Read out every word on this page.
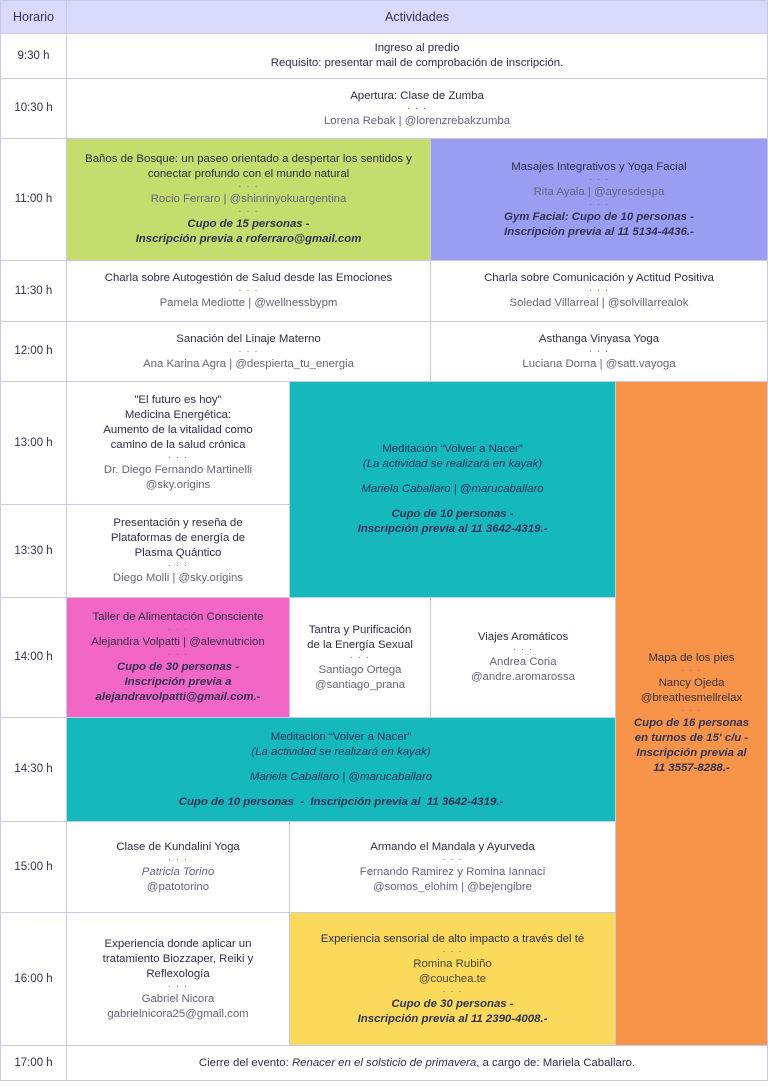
Horario	Actividades
9:30 h
10:30 h
11:00 h
11:30 h
12:00 h
13:00 h
13:30 h
14:00 h
14:30 h
15:00 h
16:00 h
17:00 h
Ingreso al predio
Requisito: presentar mail de comprobación de inscripción.
Apertura: Clase de Zumba
· · ·
Lorena Rebak | @lorenzrebakzumba
Baños de Bosque: un paseo orientado a despertar los sentidos y conectar profundo con el mundo natural
· · ·
Rocio Ferraro | @shinrinyokuargentina
· · ·
Cupo de 15 personas -
Inscripción previa a roferraro@gmail.com
Masajes Integrativos y Yoga Facial
· · ·
Rita Ayala | @ayresdespa
· · ·
Gym Facial: Cupo de 10 personas -
Inscripción previa al 11 5134-4436.-
Charla sobre Autogestión de Salud desde las Emociones
· · ·
Pamela Mediotte | @wellnessbypm
Charla sobre Comunicación y Actitud Positiva
· · ·
Soledad Villarreal | @solvillarrealok
Sanación del Linaje Materno
· · ·
Ana Karina Agra | @despierta_tu_energia
Asthanga Vinyasa Yoga
· · ·
Luciana Dorna | @satt.vayoga
"El futuro es hoy"
Medicina Energética:
Aumento de la vitalidad como
camino de la salud crónica
· · ·
Dr. Diego Fernando Martinelli
@sky.origins
Meditación “Volver a Nacer”
(La actividad se realizará en kayak)
· · ·
Mariela Caballaro | @marucaballaro
· · ·
Cupo de 10 personas -
Inscripción previa al 11 3642-4319.-
Mapa de los pies
· · ·
Nancy Ojeda
@breathesmellrelax
· · ·
Cupo de 16 personas
en turnos de 15' c/u -
Inscripción previa al
11 3557-8288.-
Presentación y reseña de
Plataformas de energía de
Plasma Quántico
· · ·
Diego Molli | @sky.origins
Taller de Alimentación Consciente
· · ·
Alejandra Volpatti | @alevnutricion
· · ·
Cupo de 30 personas -
Inscripción previa a
alejandravolpatti@gmail.com.-
Tantra y Purificación
de la Energía Sexual
· · ·
Santiago Ortega
@santiago_prana
Viajes Aromáticos
· · ·
Andrea Coria
@andre.aromarossa
Meditación “Volver a Nacer”
(La actividad se realizará en kayak)
· · ·
Mariela Caballaro | @marucaballaro
· · ·
Cupo de 10 personas  -  Inscripción previa al  11 3642-4319.-
Clase de Kundalini Yoga
· · ·
Patricia Torino
@patotorino
Armando el Mandala y Ayurveda
· · ·
Fernando Ramirez y Romina Iannaci
@somos_elohim | @bejengibre
Experiencia donde aplicar un
tratamiento Biozzaper, Reiki y
Reflexología
· · ·
Gabriel Nicora
gabrielnicora25@gmail.com
Experiencia sensorial de alto impacto a través del té
· · ·
Romina Rubiño
@couchea.te
· · ·
Cupo de 30 personas -
Inscripción previa al 11 2390-4008.-
Cierre del evento: Renacer en el solsticio de primavera, a cargo de: Mariela Caballaro.
